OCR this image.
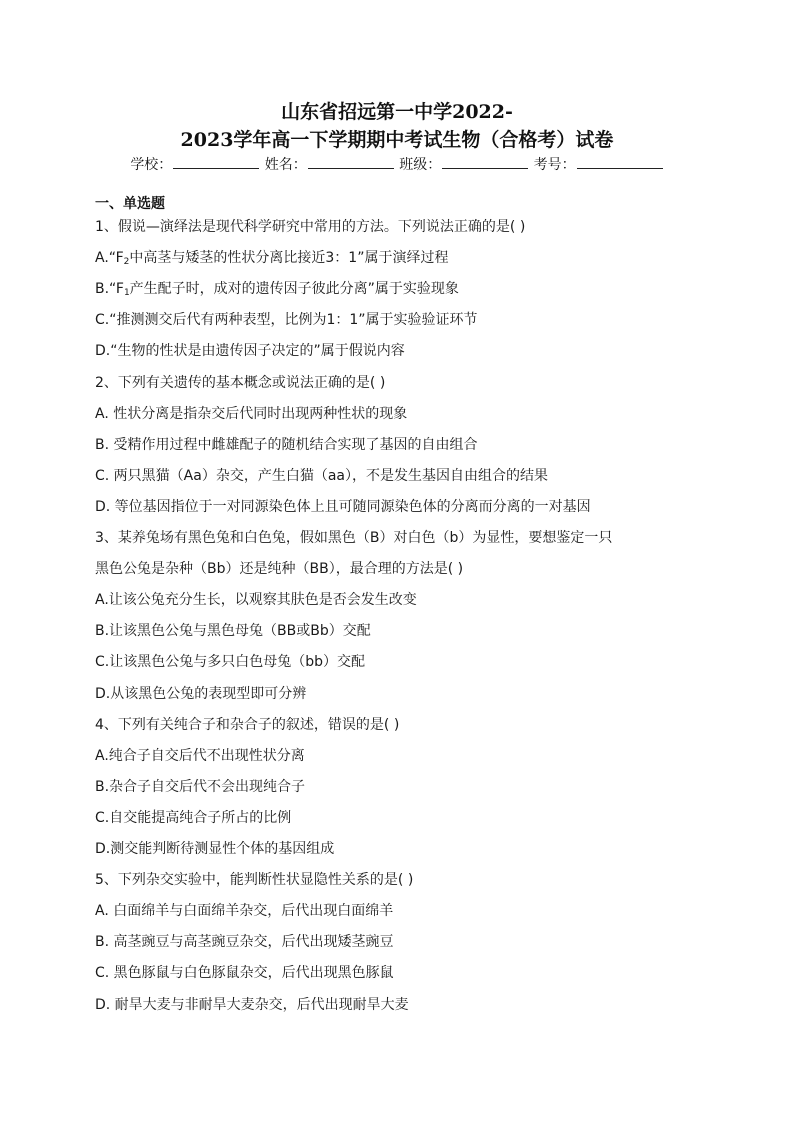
山东省招远第一中学2022-
2023学年高一下学期期中考试生物（合格考）试卷
学校：	姓名：	班级：	考号：
一、单选题
1、假说—演绎法是现代科学研究中常用的方法。下列说法正确的是( )
$A.“F_2$中高茎与矮茎的性状分离比接近3：1”属于演绎过程
$B.“F_1$产生配子时，成对的遗传因子彼此分离”属于实验现象
C.“推测测交后代有两种表型，比例为1：1”属于实验验证环节
D.“生物的性状是由遗传因子决定的”属于假说内容
2、下列有关遗传的基本概念或说法正确的是( )
A. 性状分离是指杂交后代同时出现两种性状的现象
B. 受精作用过程中雌雄配子的随机结合实现了基因的自由组合
C. 两只黑猫（Aa）杂交，产生白猫（aa），不是发生基因自由组合的结果
D. 等位基因指位于一对同源染色体上且可随同源染色体的分离而分离的一对基因
3、某养兔场有黑色兔和白色兔，假如黑色（B）对白色（b）为显性，要想鉴定一只
黑色公兔是杂种（Bb）还是纯种（BB），最合理的方法是( )
A.让该公兔充分生长，以观察其肤色是否会发生改变
B.让该黑色公兔与黑色母兔（BB或Bb）交配
C.让该黑色公兔与多只白色母兔（bb）交配
D.从该黑色公兔的表现型即可分辨
4、下列有关纯合子和杂合子的叙述，错误的是( )
A.纯合子自交后代不出现性状分离
B.杂合子自交后代不会出现纯合子
C.自交能提高纯合子所占的比例
D.测交能判断待测显性个体的基因组成
5、下列杂交实验中，能判断性状显隐性关系的是( )
A. 白面绵羊与白面绵羊杂交，后代出现白面绵羊
B. 高茎豌豆与高茎豌豆杂交，后代出现矮茎豌豆
C. 黑色豚鼠与白色豚鼠杂交，后代出现黑色豚鼠
D. 耐旱大麦与非耐旱大麦杂交，后代出现耐旱大麦
